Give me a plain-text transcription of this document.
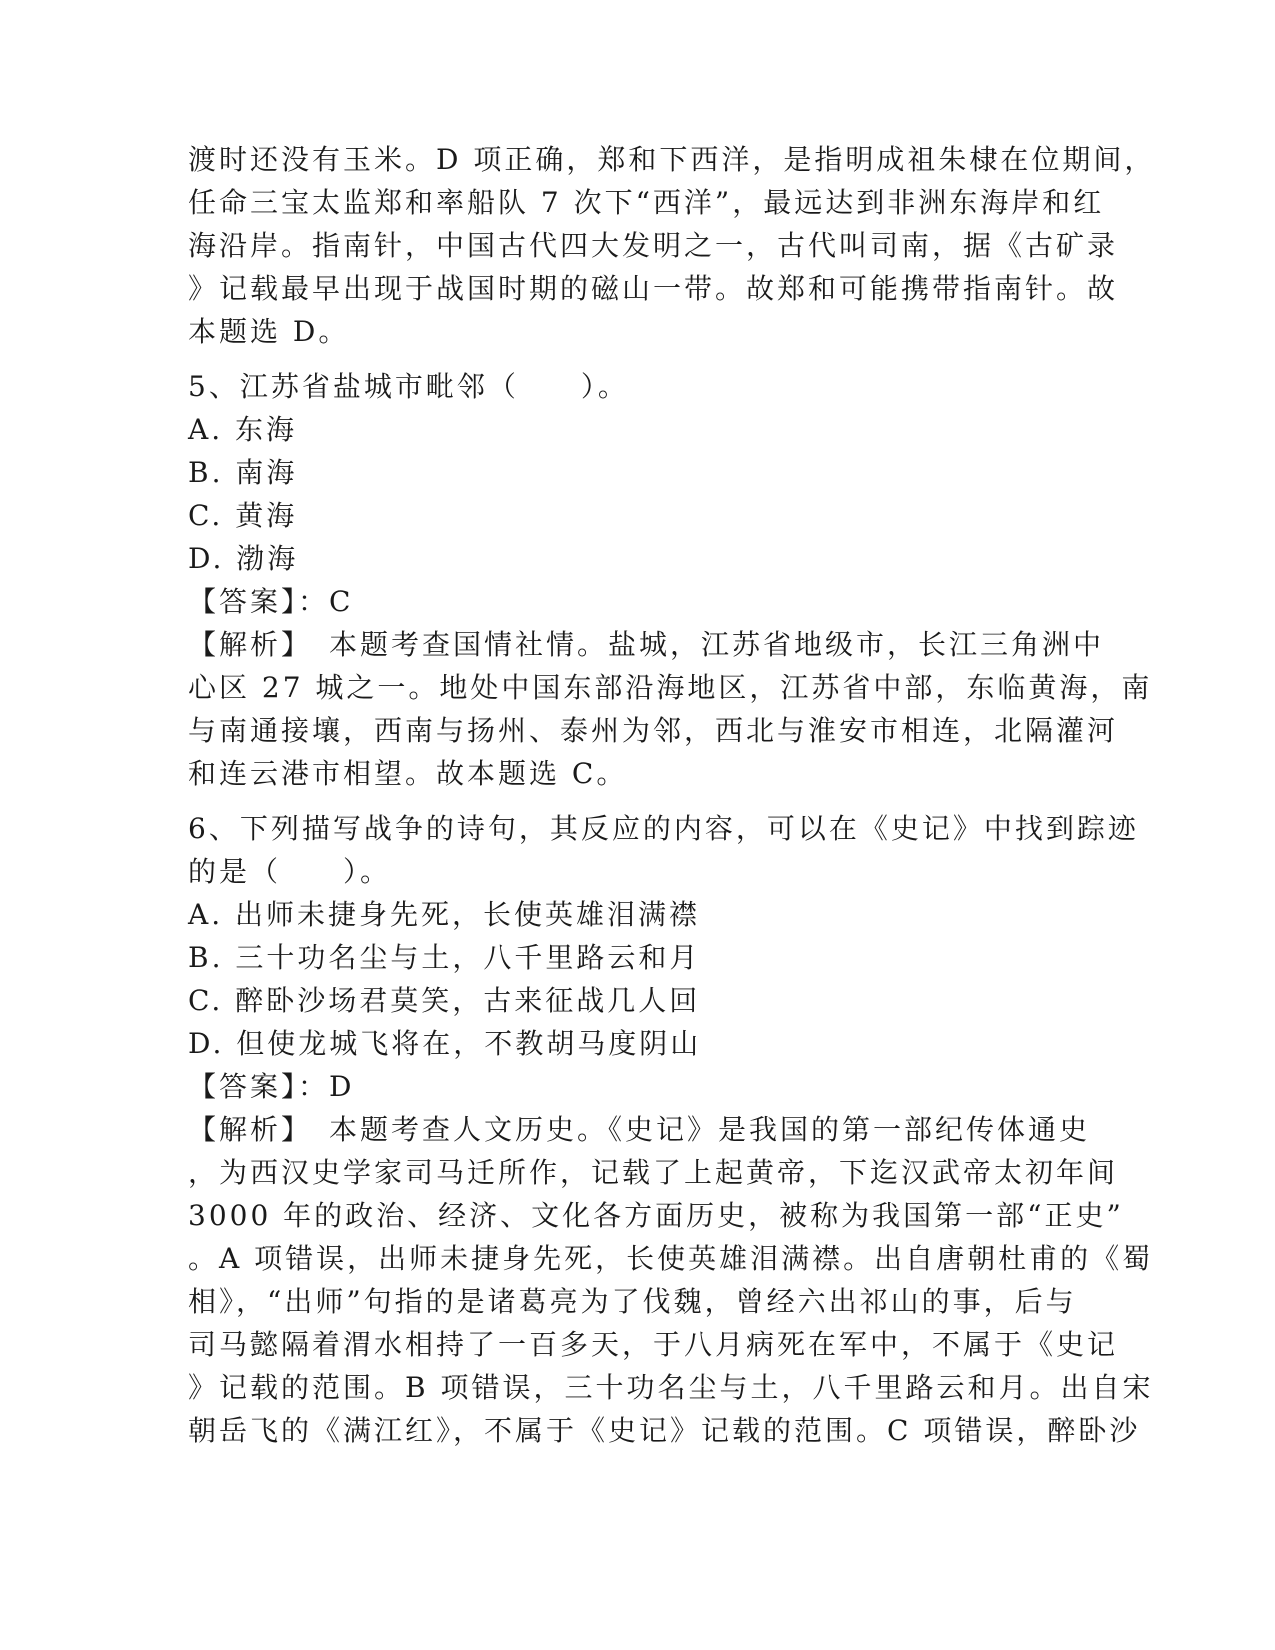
渡时还没有玉米。D 项正确，郑和下西洋，是指明成祖朱棣在位期间，
任命三宝太监郑和率船队 7 次下“西洋”，最远达到非洲东海岸和红
海沿岸。指南针，中国古代四大发明之一，古代叫司南，据《古矿录
》记载最早出现于战国时期的磁山一带。故郑和可能携带指南针。故
本题选 D。
5、江苏省盐城市毗邻（　　）。
A. 东海
B. 南海
C. 黄海
D. 渤海
【答案】：C
【解析】　本题考查国情社情。盐城，江苏省地级市，长江三角洲中
心区 27 城之一。地处中国东部沿海地区，江苏省中部，东临黄海，南
与南通接壤，西南与扬州、泰州为邻，西北与淮安市相连，北隔灌河
和连云港市相望。故本题选 C。
6、下列描写战争的诗句，其反应的内容，可以在《史记》中找到踪迹
的是（　　）。
A. 出师未捷身先死，长使英雄泪满襟
B. 三十功名尘与土，八千里路云和月
C. 醉卧沙场君莫笑，古来征战几人回
D. 但使龙城飞将在，不教胡马度阴山
【答案】：D
【解析】　本题考查人文历史。《史记》是我国的第一部纪传体通史
，为西汉史学家司马迁所作，记载了上起黄帝，下迄汉武帝太初年间
3000 年的政治、经济、文化各方面历史，被称为我国第一部“正史”
。A 项错误，出师未捷身先死，长使英雄泪满襟。出自唐朝杜甫的《蜀
相》，“出师”句指的是诸葛亮为了伐魏，曾经六出祁山的事，后与
司马懿隔着渭水相持了一百多天，于八月病死在军中，不属于《史记
》记载的范围。B 项错误，三十功名尘与土，八千里路云和月。出自宋
朝岳飞的《满江红》，不属于《史记》记载的范围。C 项错误，醉卧沙
